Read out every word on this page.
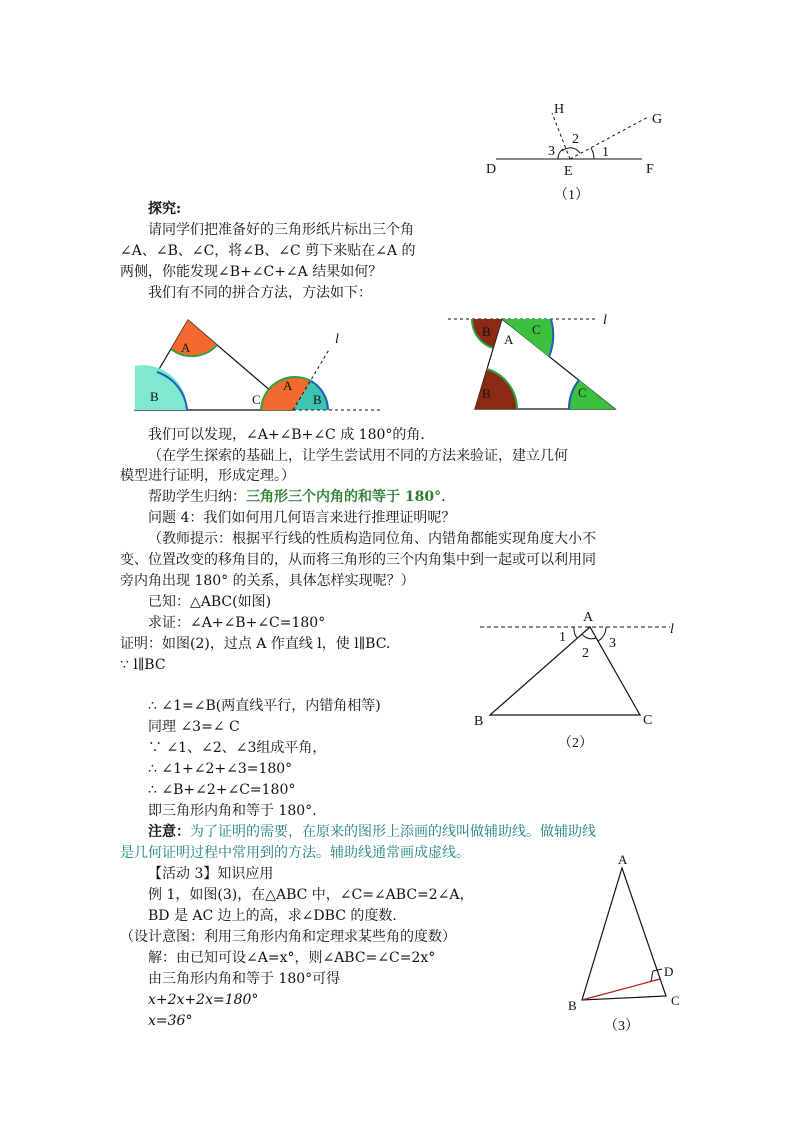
H
G
D	E	F
1
2
3
（1）
探究:
请同学们把准备好的三角形纸片标出三个角
∠A、∠B、∠C，将∠B、∠C 剪下来贴在∠A 的
两侧，你能发现∠B+∠C+∠A 结果如何？
我们有不同的拼合方法，方法如下：
A
B	C
A
B
l
B
A
C
B	C
l
我们可以发现，∠A+∠B+∠C 成 180°的角.
（在学生探索的基础上，让学生尝试用不同的方法来验证，建立几何
模型进行证明，形成定理。）
帮助学生归纳：三角形三个内角的和等于 180°.
问题 4：我们如何用几何语言来进行推理证明呢？
（教师提示：根据平行线的性质构造同位角、内错角都能实现角度大小不
变、位置改变的移角目的，从而将三角形的三个内角集中到一起或可以利用同
旁内角出现 180° 的关系，具体怎样实现呢？）
已知：△ABC(如图)
求证：∠A+∠B+∠C=180°
证明：如图(2)，过点 A 作直线 l，使 l∥BC.
∵ l∥BC
∴ ∠1=∠B(两直线平行，内错角相等)
同理 ∠3=∠ C
∵ ∠1、∠2、∠3组成平角，
∴ ∠1+∠2+∠3=180°
∴ ∠B+∠2+∠C=180°
即三角形内角和等于 180°.
注意：为了证明的需要，在原来的图形上添画的线叫做辅助线。做辅助线
是几何证明过程中常用到的方法。辅助线通常画成虚线。
【活动 3】知识应用
例 1，如图(3)，在△ABC 中，∠C=∠ABC=2∠A，
BD 是 AC 边上的高，求∠DBC 的度数.
（设计意图：利用三角形内角和定理求某些角的度数）
解：由已知可设∠A=x°，则∠ABC=∠C=2x°
由三角形内角和等于 180°可得
x+2x+2x=180°
x=36°
A
B	C
1
2
3
l
（2）
A
B	C
D
（3）
